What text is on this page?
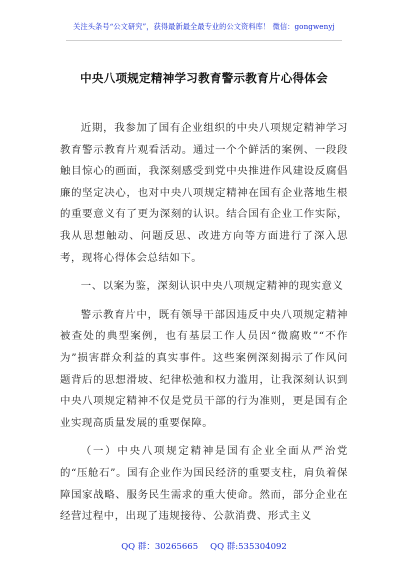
关注头条号“公文研究”，获得最新最全最专业的公文资料库！ 微信：gongwenyj
中央八项规定精神学习教育警示教育片心得体会

近期，我参加了国有企业组织的中央八项规定精神学习教育警示教育片观看活动。通过一个个鲜活的案例、一段段触目惊心的画面，我深刻感受到党中央推进作风建设反腐倡廉的坚定决心，也对中央八项规定精神在国有企业落地生根的重要意义有了更为深刻的认识。结合国有企业工作实际，我从思想触动、问题反思、改进方向等方面进行了深入思考，现将心得体会总结如下。

一、以案为鉴，深刻认识中央八项规定精神的现实意义

警示教育片中，既有领导干部因违反中央八项规定精神被查处的典型案例，也有基层工作人员因“微腐败”“不作为”损害群众利益的真实事件。这些案例深刻揭示了作风问题背后的思想滑坡、纪律松弛和权力滥用，让我深刻认识到中央八项规定精神不仅是党员干部的行为准则，更是国有企业实现高质量发展的重要保障。

（一）中央八项规定精神是国有企业全面从严治党的“压舱石”。国有企业作为国民经济的重要支柱，肩负着保障国家战略、服务民生需求的重大使命。然而，部分企业在经营过程中，出现了违规接待、公款消费、形式主义

QQ 群：30265665 QQ 群:535304092
